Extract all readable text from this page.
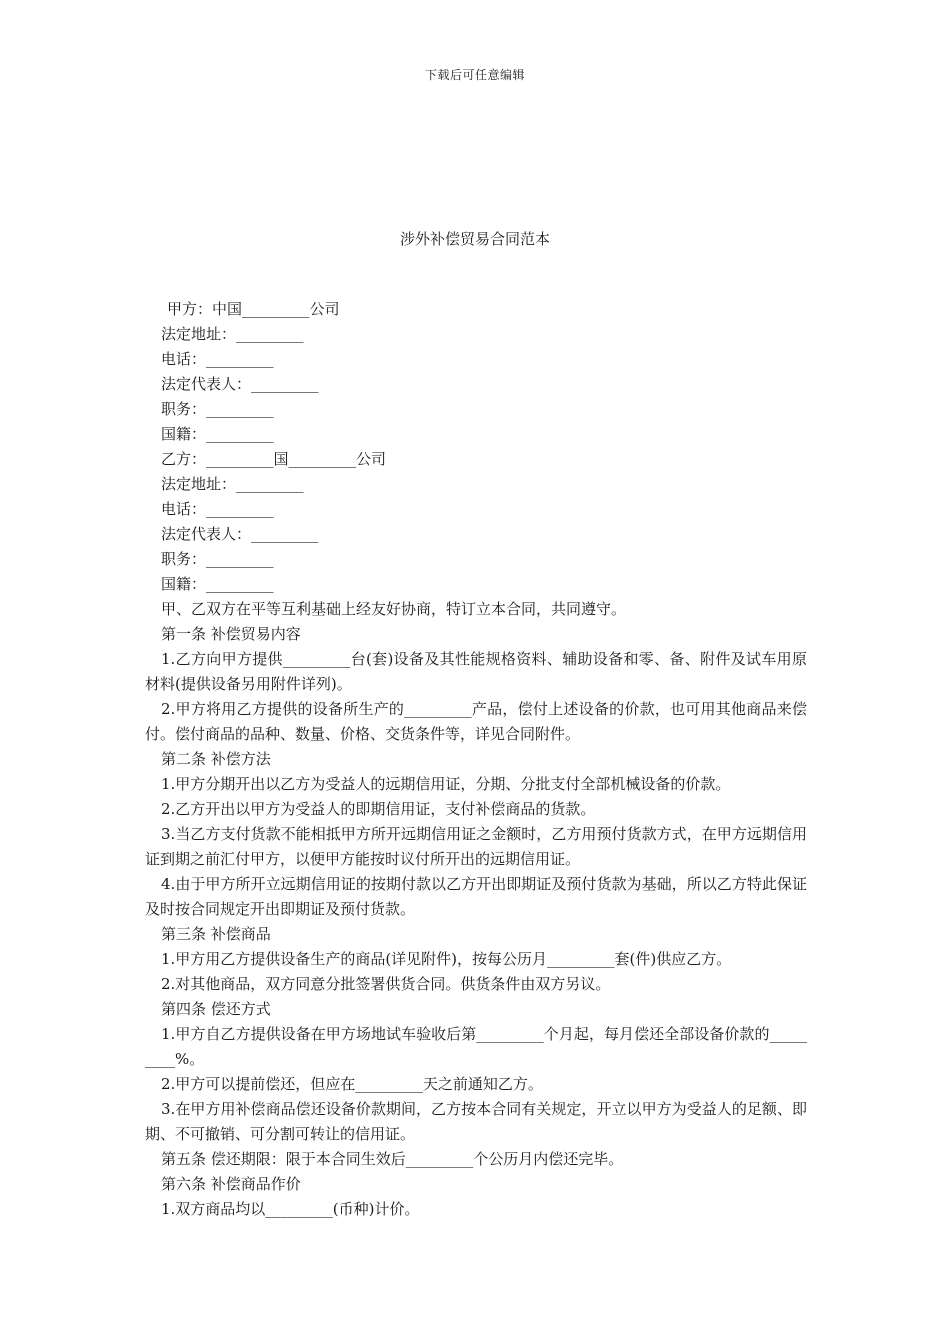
下载后可任意编辑
涉外补偿贸易合同范本
甲方：中国_________公司
法定地址：_________
电话：_________
法定代表人：_________
职务：_________
国籍：_________
乙方：_________国_________公司
法定地址：_________
电话：_________
法定代表人：_________
职务：_________
国籍：_________
甲、乙双方在平等互利基础上经友好协商，特订立本合同，共同遵守。
第一条 补偿贸易内容
1.乙方向甲方提供_________台(套)设备及其性能规格资料、辅助设备和零、备、附件及试车用原材料(提供设备另用附件详列)。
2.甲方将用乙方提供的设备所生产的_________产品，偿付上述设备的价款，也可用其他商品来偿付。偿付商品的品种、数量、价格、交货条件等，详见合同附件。
第二条 补偿方法
1.甲方分期开出以乙方为受益人的远期信用证，分期、分批支付全部机械设备的价款。
2.乙方开出以甲方为受益人的即期信用证，支付补偿商品的货款。
3.当乙方支付货款不能相抵甲方所开远期信用证之金额时，乙方用预付货款方式，在甲方远期信用证到期之前汇付甲方，以便甲方能按时议付所开出的远期信用证。
4.由于甲方所开立远期信用证的按期付款以乙方开出即期证及预付货款为基础，所以乙方特此保证及时按合同规定开出即期证及预付货款。
第三条 补偿商品
1.甲方用乙方提供设备生产的商品(详见附件)，按每公历月_________套(件)供应乙方。
2.对其他商品，双方同意分批签署供货合同。供货条件由双方另议。
第四条 偿还方式
1.甲方自乙方提供设备在甲方场地试车验收后第_________个月起，每月偿还全部设备价款的_________%。
2.甲方可以提前偿还，但应在_________天之前通知乙方。
3.在甲方用补偿商品偿还设备价款期间，乙方按本合同有关规定，开立以甲方为受益人的足额、即期、不可撤销、可分割可转让的信用证。
第五条 偿还期限：限于本合同生效后_________个公历月内偿还完毕。
第六条 补偿商品作价
1.双方商品均以_________(币种)计价。
